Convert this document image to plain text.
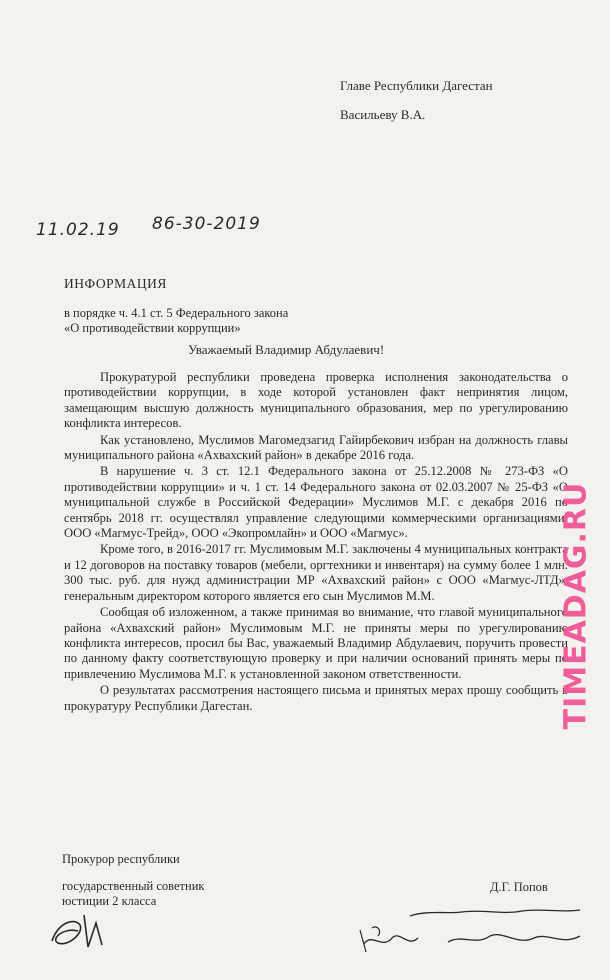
Главе Республики Дагестан
Васильеву В.А.
11.02.19 86-30-2019
ИНФОРМАЦИЯ
в порядке ч. 4.1 ст. 5 Федерального закона
«О противодействии коррупции»
Уважаемый Владимир Абдулаевич!

Прокуратурой республики проведена проверка исполнения законодательства о противодействии коррупции, в ходе которой установлен факт непринятия лицом, замещающим высшую должность муниципального образования, мер по урегулированию конфликта интересов.

Как установлено, Муслимов Магомедзагид Гайирбекович избран на должность главы муниципального района «Ахвахский район» в декабре 2016 года.

В нарушение ч. 3 ст. 12.1 Федерального закона от 25.12.2008 № 273-ФЗ «О противодействии коррупции» и ч. 1 ст. 14 Федерального закона от 02.03.2007 № 25-ФЗ «О муниципальной службе в Российской Федерации» Муслимов М.Г. с декабря 2016 по сентябрь 2018 гг. осуществлял управление следующими коммерческими организациями: ООО «Магмус-Трейд», ООО «Экопромлайн» и ООО «Магмус».

Кроме того, в 2016-2017 гг. Муслимовым М.Г. заключены 4 муниципальных контракта и 12 договоров на поставку товаров (мебели, оргтехники и инвентаря) на сумму более 1 млн. 300 тыс. руб. для нужд администрации МР «Ахвахский район» с ООО «Магмус-ЛТД», генеральным директором которого является его сын Муслимов М.М.

Сообщая об изложенном, а также принимая во внимание, что главой муниципального района «Ахвахский район» Муслимовым М.Г. не приняты меры по урегулированию конфликта интересов, просил бы Вас, уважаемый Владимир Абдулаевич, поручить провести по данному факту соответствующую проверку и при наличии оснований принять меры по привлечению Муслимова М.Г. к установленной законом ответственности.

О результатах рассмотрения настоящего письма и принятых мерах прошу сообщить в прокуратуру Республики Дагестан.

Прокурор республики
государственный советник
юстиции 2 класса
Д.Г. Попов
TIMEADAG.RU
